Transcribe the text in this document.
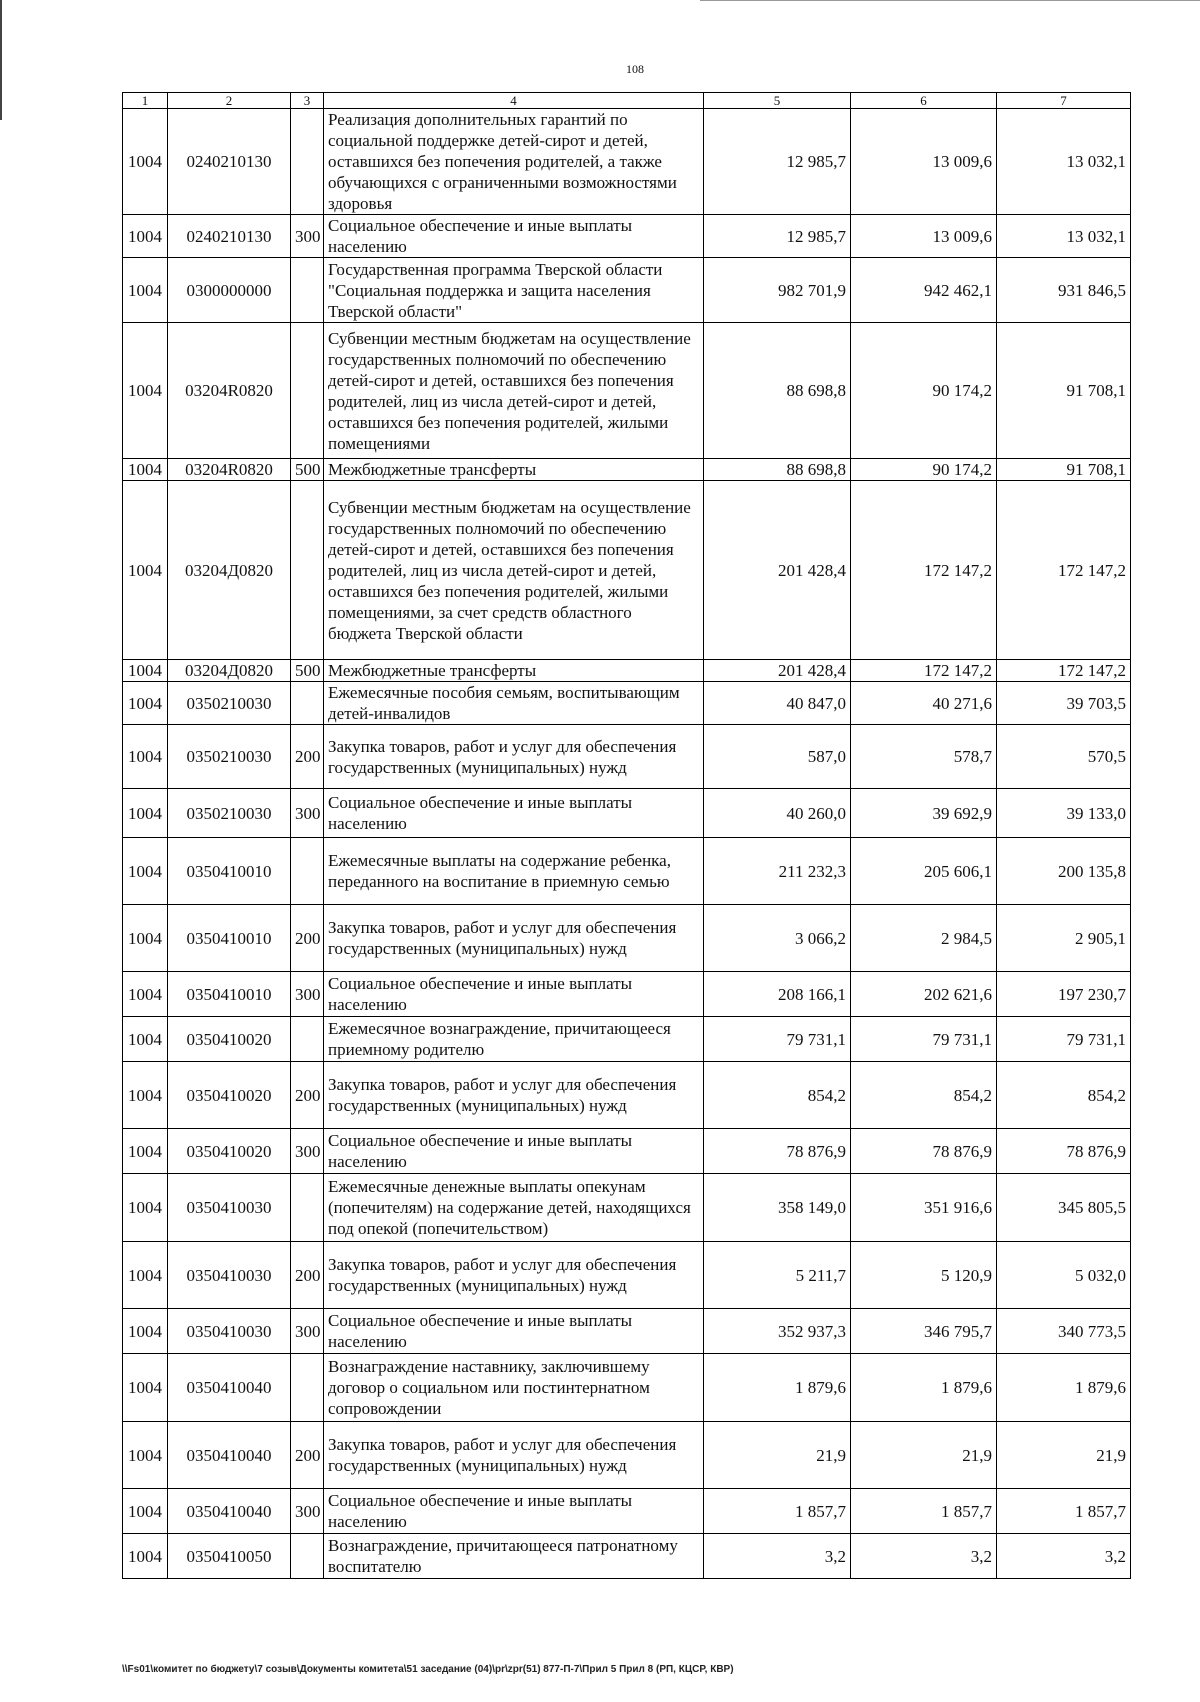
108
1	2	3	4	5	6	7
1004	0240210130		Реализация дополнительных гарантий по социальной поддержке детей-сирот и детей, оставшихся без попечения родителей, а также обучающихся с ограниченными возможностями здоровья	12 985,7	13 009,6	13 032,1
1004	0240210130	300	Социальное обеспечение и иные выплаты населению	12 985,7	13 009,6	13 032,1
1004	0300000000		Государственная программа Тверской области "Социальная поддержка и защита населения Тверской области"	982 701,9	942 462,1	931 846,5
1004	03204R0820		Субвенции местным бюджетам на осуществление государственных полномочий по обеспечению детей-сирот и детей, оставшихся без попечения родителей, лиц из числа детей-сирот и детей, оставшихся без попечения родителей, жилыми помещениями	88 698,8	90 174,2	91 708,1
1004	03204R0820	500	Межбюджетные трансферты	88 698,8	90 174,2	91 708,1
1004	03204Д0820		Субвенции местным бюджетам на осуществление государственных полномочий по обеспечению детей-сирот и детей, оставшихся без попечения родителей, лиц из числа детей-сирот и детей, оставшихся без попечения родителей, жилыми помещениями, за счет средств областного бюджета Тверской области	201 428,4	172 147,2	172 147,2
1004	03204Д0820	500	Межбюджетные трансферты	201 428,4	172 147,2	172 147,2
1004	0350210030		Ежемесячные пособия семьям, воспитывающим детей-инвалидов	40 847,0	40 271,6	39 703,5
1004	0350210030	200	Закупка товаров, работ и услуг для обеспечения государственных (муниципальных) нужд	587,0	578,7	570,5
1004	0350210030	300	Социальное обеспечение и иные выплаты населению	40 260,0	39 692,9	39 133,0
1004	0350410010		Ежемесячные выплаты на содержание ребенка, переданного на воспитание в приемную семью	211 232,3	205 606,1	200 135,8
1004	0350410010	200	Закупка товаров, работ и услуг для обеспечения государственных (муниципальных) нужд	3 066,2	2 984,5	2 905,1
1004	0350410010	300	Социальное обеспечение и иные выплаты населению	208 166,1	202 621,6	197 230,7
1004	0350410020		Ежемесячное вознаграждение, причитающееся приемному родителю	79 731,1	79 731,1	79 731,1
1004	0350410020	200	Закупка товаров, работ и услуг для обеспечения государственных (муниципальных) нужд	854,2	854,2	854,2
1004	0350410020	300	Социальное обеспечение и иные выплаты населению	78 876,9	78 876,9	78 876,9
1004	0350410030		Ежемесячные денежные выплаты опекунам (попечителям) на содержание детей, находящихся под опекой (попечительством)	358 149,0	351 916,6	345 805,5
1004	0350410030	200	Закупка товаров, работ и услуг для обеспечения государственных (муниципальных) нужд	5 211,7	5 120,9	5 032,0
1004	0350410030	300	Социальное обеспечение и иные выплаты населению	352 937,3	346 795,7	340 773,5
1004	0350410040		Вознаграждение наставнику, заключившему договор о социальном или постинтернатном сопровождении	1 879,6	1 879,6	1 879,6
1004	0350410040	200	Закупка товаров, работ и услуг для обеспечения государственных (муниципальных) нужд	21,9	21,9	21,9
1004	0350410040	300	Социальное обеспечение и иные выплаты населению	1 857,7	1 857,7	1 857,7
1004	0350410050		Вознаграждение, причитающееся патронатному воспитателю	3,2	3,2	3,2
\\Fs01\комитет по бюджету\7 созыв\Документы комитета\51 заседание (04)\pr\zpr(51) 877-П-7\Прил 5 Прил 8 (РП, КЦСР, КВР)
